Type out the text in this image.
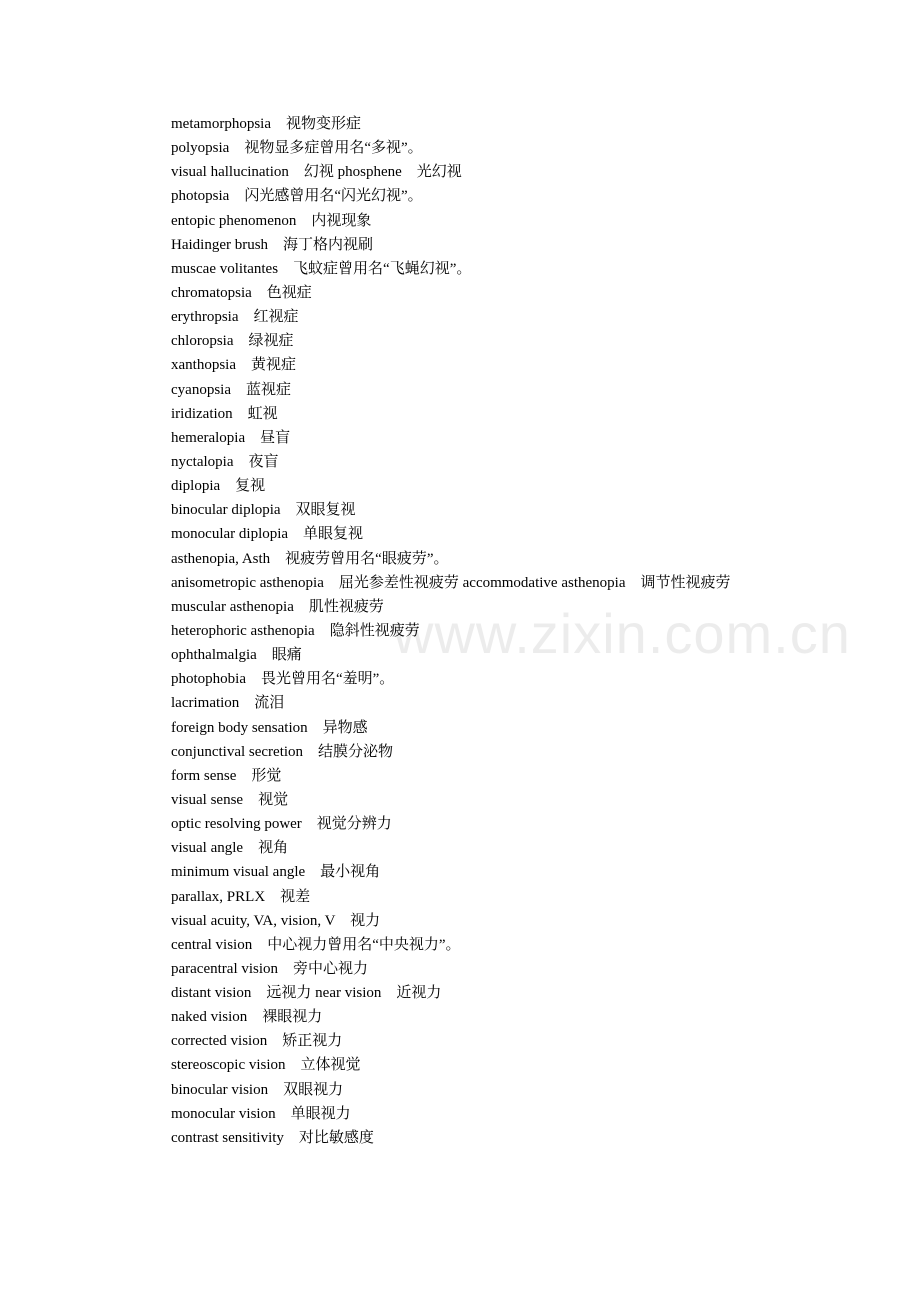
metamorphopsia　视物变形症
polyopsia　视物显多症曾用名“多视”。
visual hallucination　幻视 phosphene　光幻视
photopsia　闪光感曾用名“闪光幻视”。
entopic phenomenon　内视现象
Haidinger brush　海丁格内视刷
muscae volitantes　飞蚊症曾用名“飞蝇幻视”。
chromatopsia　色视症
erythropsia　红视症
chloropsia　绿视症
xanthopsia　黄视症
cyanopsia　蓝视症
iridization　虹视
hemeralopia　昼盲
nyctalopia　夜盲
diplopia　复视
binocular diplopia　双眼复视
monocular diplopia　单眼复视
asthenopia, Asth　视疲劳曾用名“眼疲劳”。
anisometropic asthenopia　屈光参差性视疲劳 accommodative asthenopia　调节性视疲劳
muscular asthenopia　肌性视疲劳
heterophoric asthenopia　隐斜性视疲劳
ophthalmalgia　眼痛
photophobia　畏光曾用名“羞明”。
lacrimation　流泪
foreign body sensation　异物感
conjunctival secretion　结膜分泌物
form sense　形觉
visual sense　视觉
optic resolving power　视觉分辨力
visual angle　视角
minimum visual angle　最小视角
parallax, PRLX　视差
visual acuity, VA, vision, V　视力
central vision　中心视力曾用名“中央视力”。
paracentral vision　旁中心视力
distant vision　远视力 near vision　近视力
naked vision　裸眼视力
corrected vision　矫正视力
stereoscopic vision　立体视觉
binocular vision　双眼视力
monocular vision　单眼视力
contrast sensitivity　对比敏感度
www.zixin.com.cn
